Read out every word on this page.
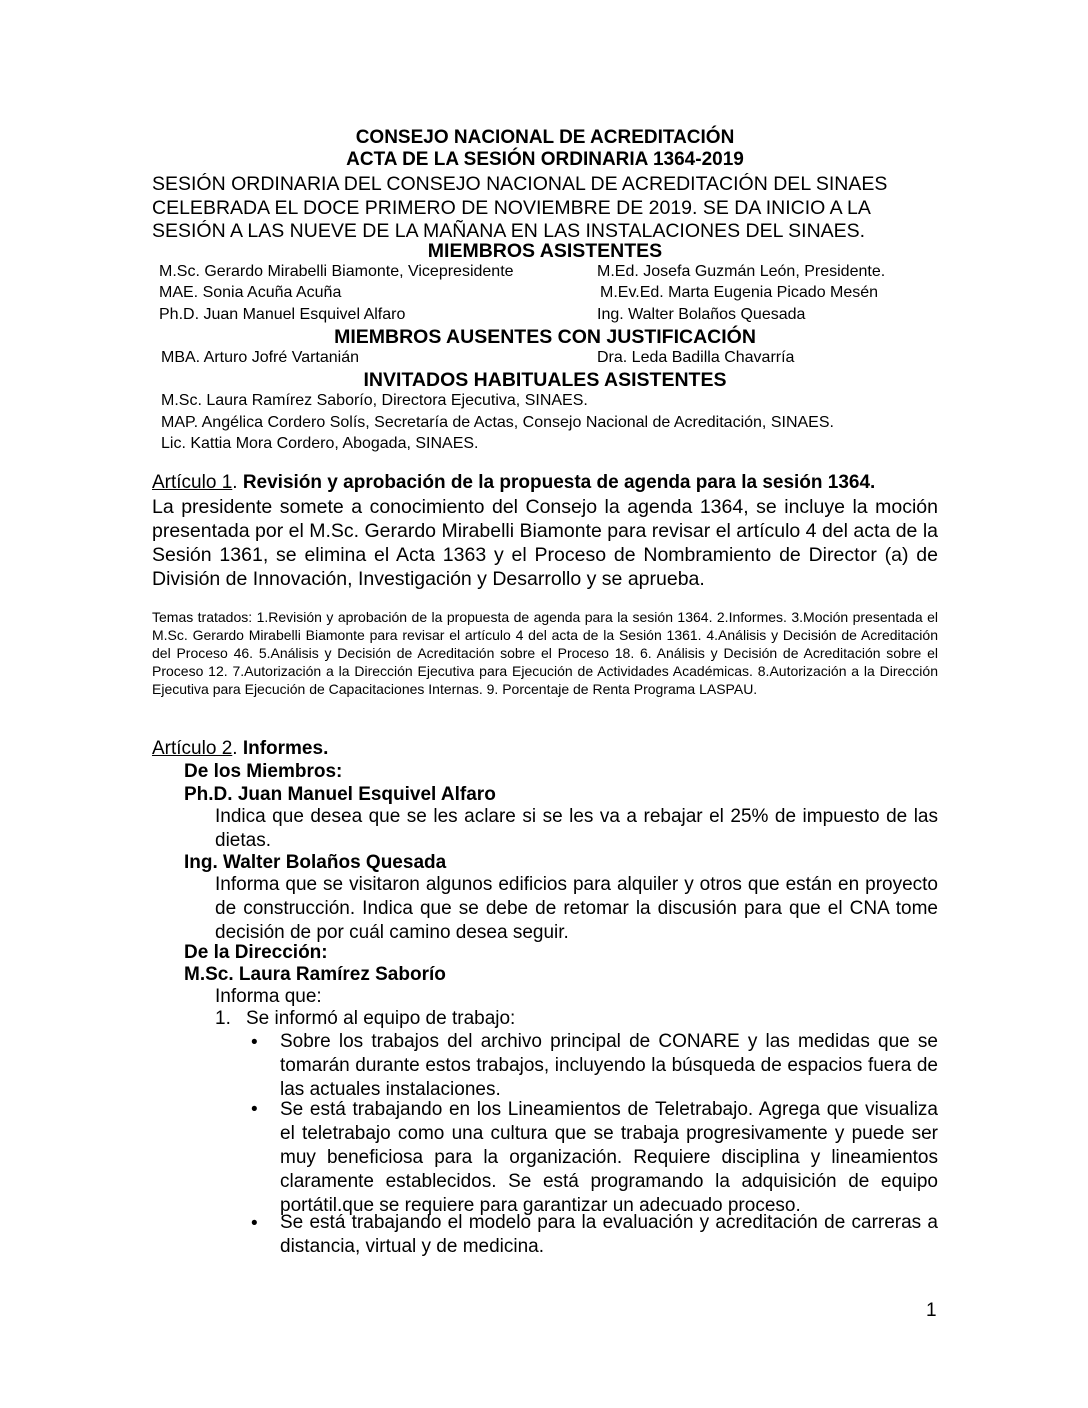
CONSEJO NACIONAL DE ACREDITACIÓN
ACTA DE LA SESIÓN ORDINARIA 1364-2019
SESIÓN ORDINARIA DEL CONSEJO NACIONAL DE ACREDITACIÓN DEL SINAES
CELEBRADA EL DOCE PRIMERO DE NOVIEMBRE DE 2019. SE DA INICIO A LA
SESIÓN A LAS NUEVE DE LA MAÑANA EN LAS INSTALACIONES DEL SINAES.
MIEMBROS ASISTENTES
M.Sc. Gerardo Mirabelli Biamonte, Vicepresidente	M.Ed. Josefa Guzmán León, Presidente.
MAE. Sonia Acuña Acuña	M.Ev.Ed. Marta Eugenia Picado Mesén
Ph.D. Juan Manuel Esquivel Alfaro	Ing. Walter Bolaños Quesada
MIEMBROS AUSENTES CON JUSTIFICACIÓN
MBA. Arturo Jofré Vartanián	Dra. Leda Badilla Chavarría
INVITADOS HABITUALES ASISTENTES
M.Sc. Laura Ramírez Saborío, Directora Ejecutiva, SINAES.
MAP. Angélica Cordero Solís, Secretaría de Actas, Consejo Nacional de Acreditación, SINAES.
Lic. Kattia Mora Cordero, Abogada, SINAES.
Artículo 1. Revisión y aprobación de la propuesta de agenda para la sesión 1364.
La presidente somete a conocimiento del Consejo la agenda 1364, se incluye la moción presentada por el M.Sc. Gerardo Mirabelli Biamonte para revisar el artículo 4 del acta de la Sesión 1361, se elimina el Acta 1363 y el Proceso de Nombramiento de Director (a) de División de Innovación, Investigación y Desarrollo y se aprueba.
Temas tratados: 1.Revisión y aprobación de la propuesta de agenda para la sesión 1364. 2.Informes. 3.Moción presentada el M.Sc. Gerardo Mirabelli Biamonte para revisar el artículo 4 del acta de la Sesión 1361. 4.Análisis y Decisión de Acreditación del Proceso 46. 5.Análisis y Decisión de Acreditación sobre el Proceso 18. 6. Análisis y Decisión de Acreditación sobre el Proceso 12. 7.Autorización a la Dirección Ejecutiva para Ejecución de Actividades Académicas. 8.Autorización a la Dirección Ejecutiva para Ejecución de Capacitaciones Internas. 9. Porcentaje de Renta Programa LASPAU.
Artículo 2. Informes.
De los Miembros:
Ph.D. Juan Manuel Esquivel Alfaro
Indica que desea que se les aclare si se les va a rebajar el 25% de impuesto de las dietas.
Ing. Walter Bolaños Quesada
Informa que se visitaron algunos edificios para alquiler y otros que están en proyecto de construcción. Indica que se debe de retomar la discusión para que el CNA tome decisión de por cuál camino desea seguir.
De la Dirección:
M.Sc. Laura Ramírez Saborío
Informa que:
1. Se informó al equipo de trabajo:
• Sobre los trabajos del archivo principal de CONARE y las medidas que se tomarán durante estos trabajos, incluyendo la búsqueda de espacios fuera de las actuales instalaciones.
• Se está trabajando en los Lineamientos de Teletrabajo. Agrega que visualiza el teletrabajo como una cultura que se trabaja progresivamente y puede ser muy beneficiosa para la organización. Requiere disciplina y lineamientos claramente establecidos. Se está programando la adquisición de equipo portátil.que se requiere para garantizar un adecuado proceso.
• Se está trabajando el modelo para la evaluación y acreditación de carreras a distancia, virtual y de medicina.
1
